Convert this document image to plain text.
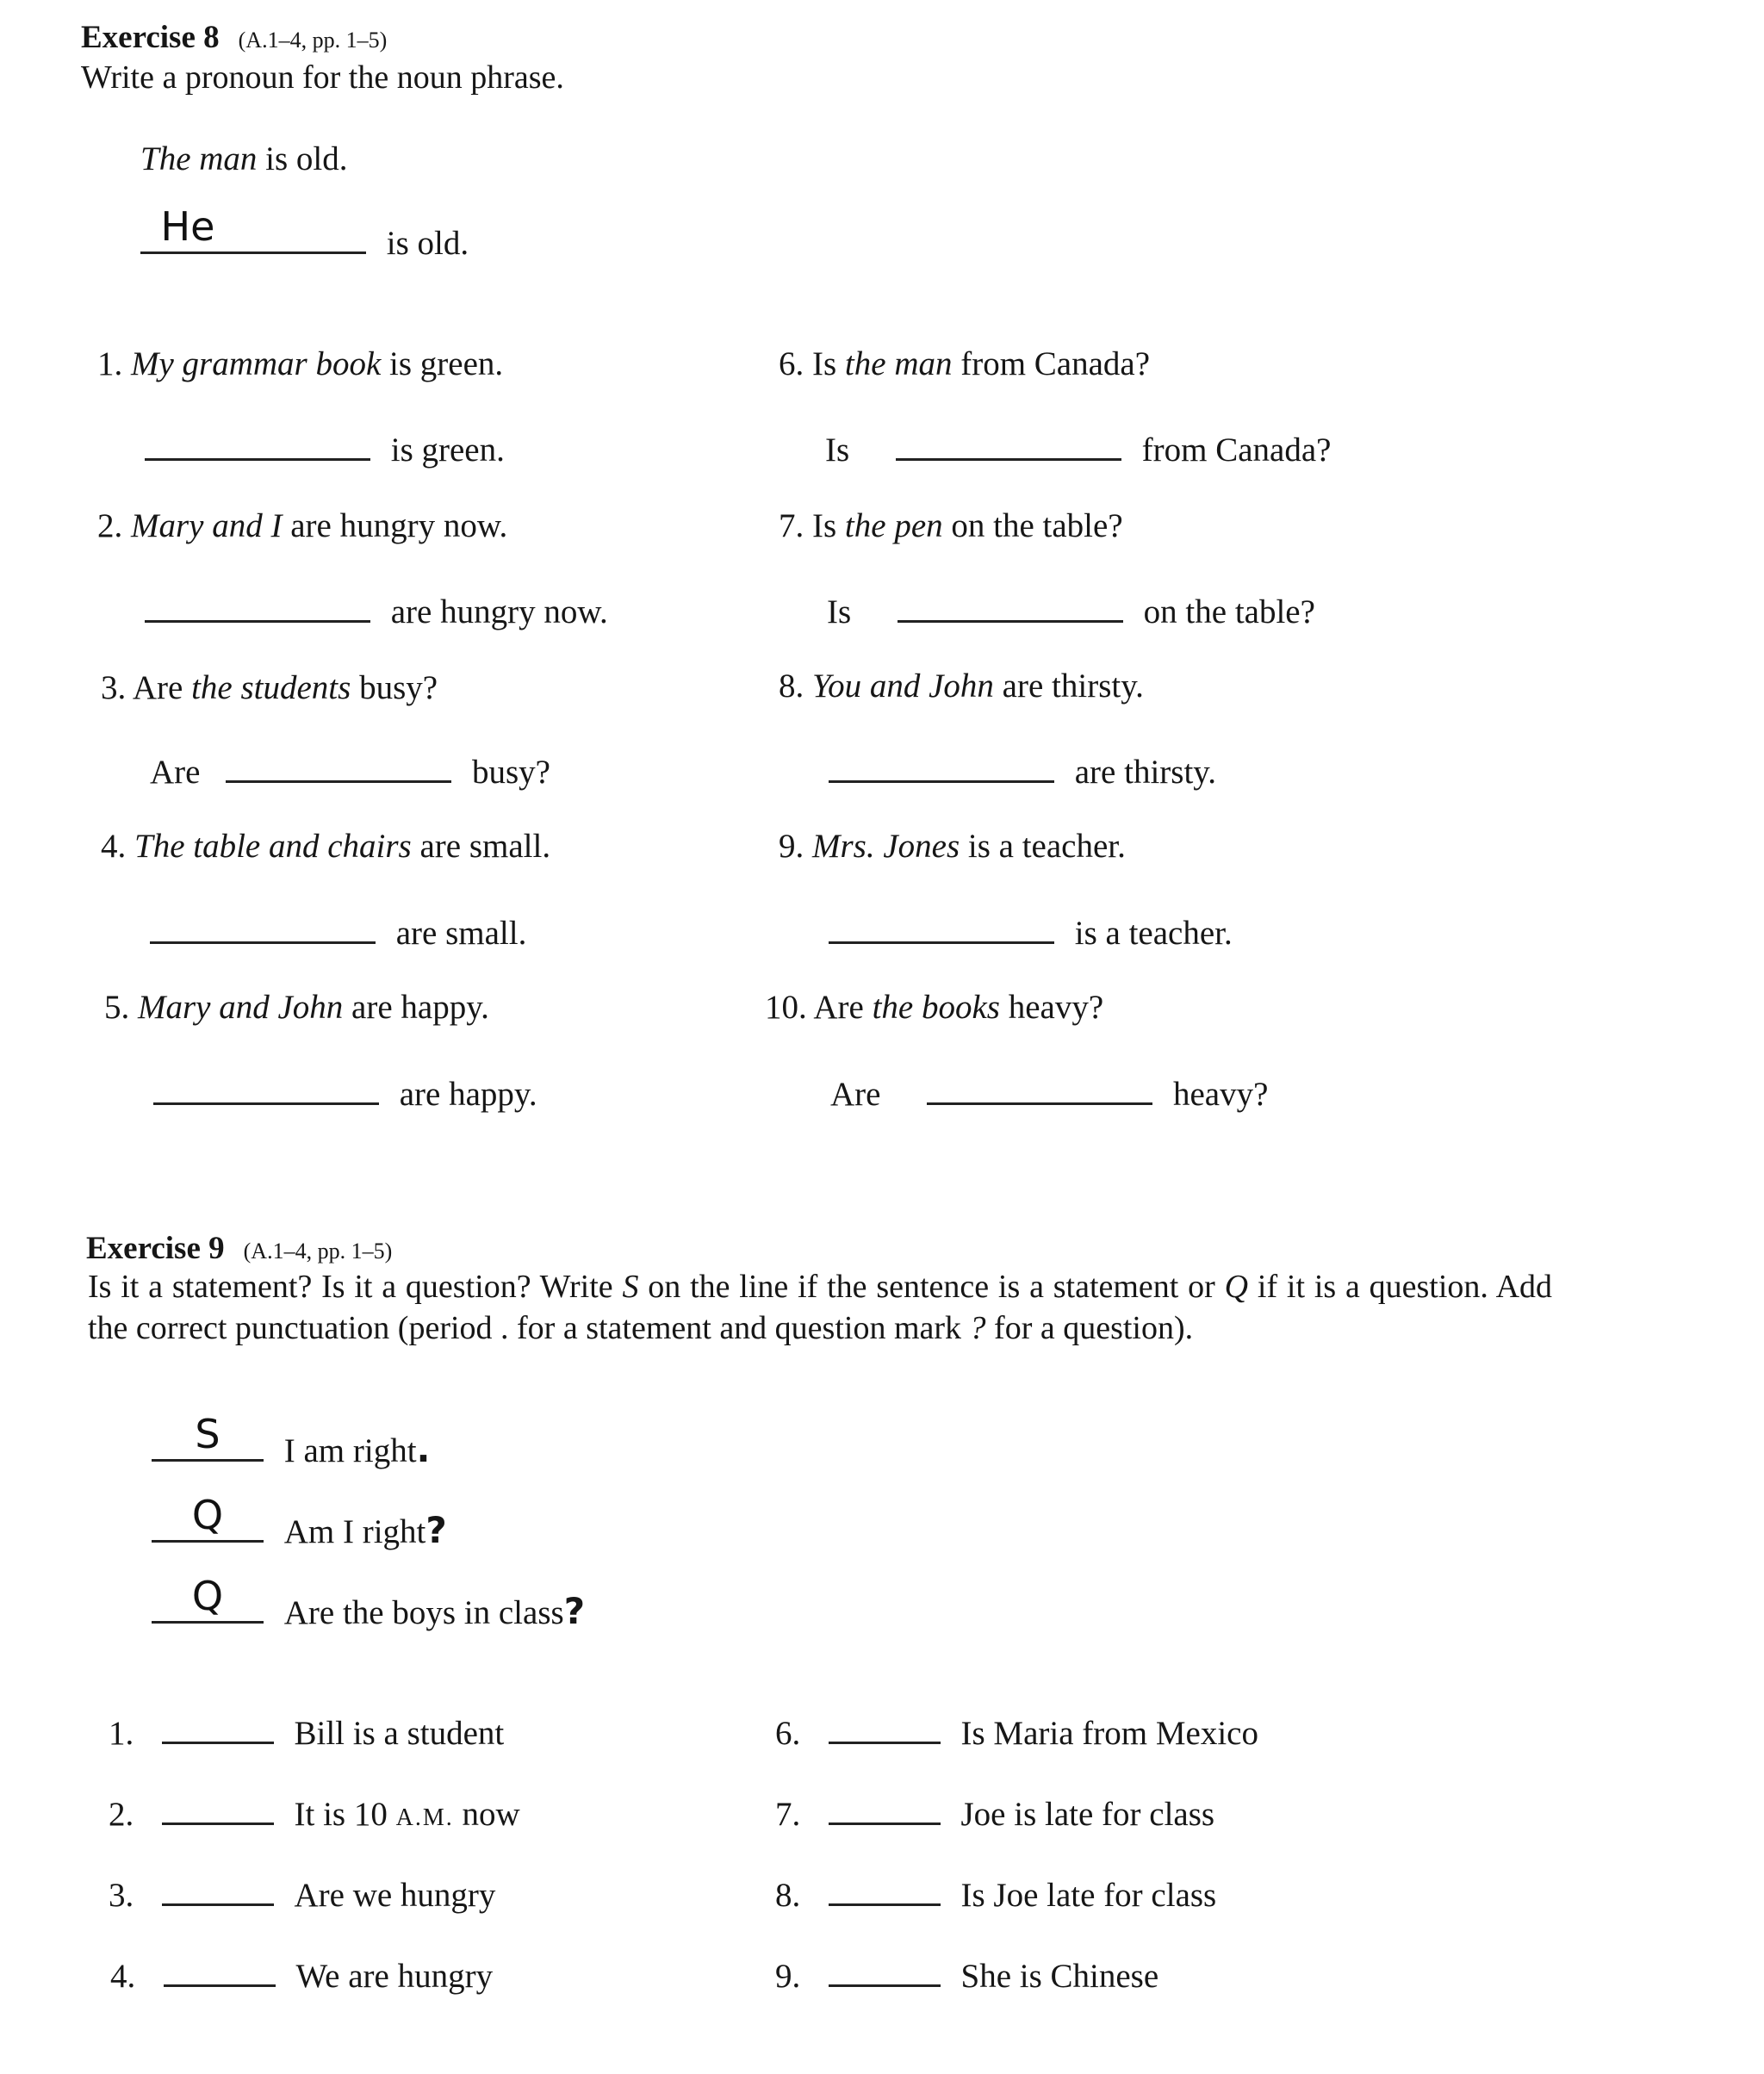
Exercise 8 (A.1–4, pp. 1–5)
Write a pronoun for the noun phrase.
The man is old.
He	is old.
1. My grammar book is green.
is green.
2. Mary and I are hungry now.
are hungry now.
3. Are the students busy?
Are	busy?
4. The table and chairs are small.
are small.
5. Mary and John are happy.
are happy.
6. Is the man from Canada?
Is	from Canada?
7. Is the pen on the table?
Is	on the table?
8. You and John are thirsty.
are thirsty.
9. Mrs. Jones is a teacher.
is a teacher.
10. Are the books heavy?
Are	heavy?
Exercise 9 (A.1–4, pp. 1–5)
Is it a statement? Is it a question? Write S on the line if the sentence is a statement or Q if it is a question. Add the correct punctuation (period . for a statement and question mark ? for a question).
S	I am right.
Q	Am I right?
Q	Are the boys in class?
1.	Bill is a student
2.	It is 10 A.M. now
3.	Are we hungry
4.	We are hungry
6.	Is Maria from Mexico
7.	Joe is late for class
8.	Is Joe late for class
9.	She is Chinese
